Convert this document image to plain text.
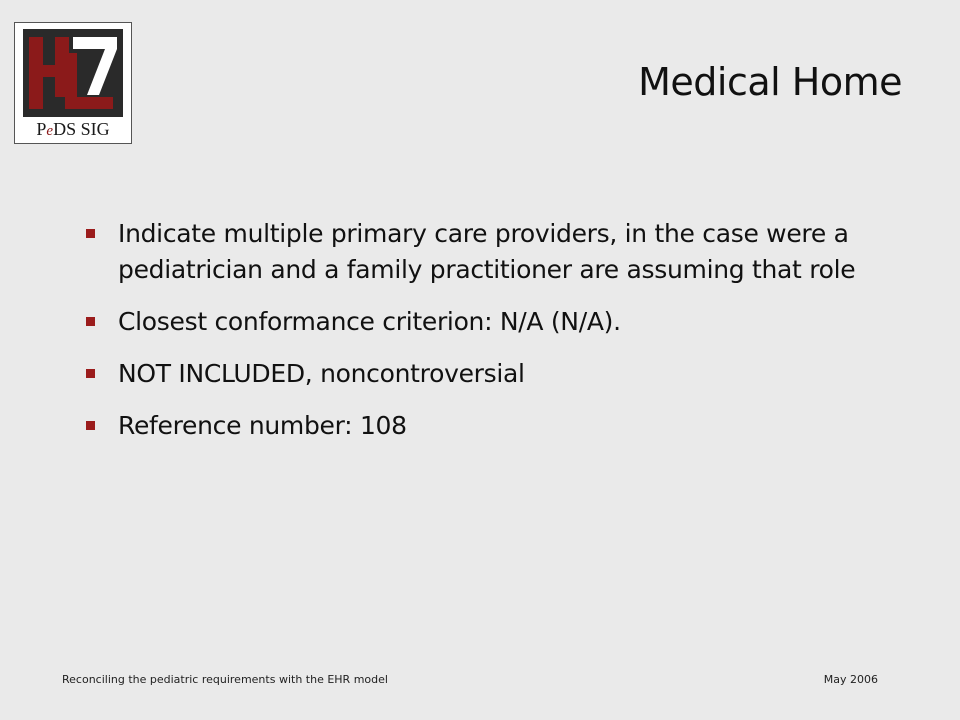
PeDS SIG
Medical Home
Indicate multiple primary care providers, in the case were a pediatrician and a family practitioner are assuming that role
Closest conformance criterion: N/A (N/A).
NOT INCLUDED, noncontroversial
Reference number: 108
Reconciling the pediatric requirements with the EHR model	May 2006
